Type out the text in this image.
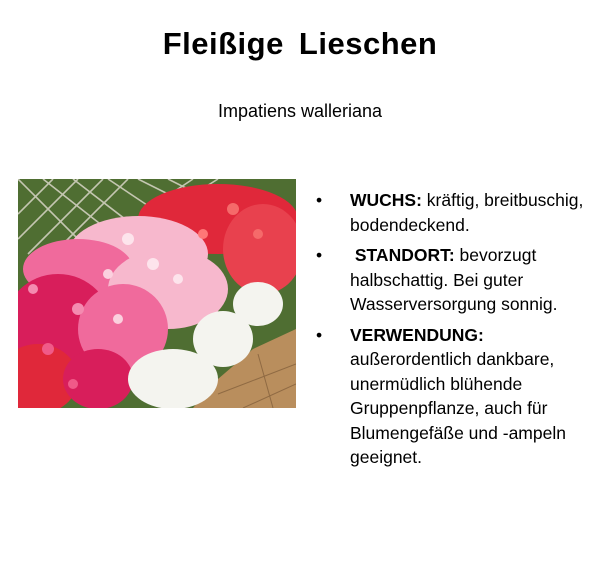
Fleißige Lieschen
Impatiens walleriana
•	WUCHS: kräftig, breitbuschig, bodendeckend.
•	STANDORT: bevorzugt halbschattig. Bei guter Wasserversorgung sonnig.
•	VERWENDUNG: außerordentlich dankbare, unermüdlich blühende Gruppenpflanze, auch für Blumengefäße und -ampeln geeignet.
